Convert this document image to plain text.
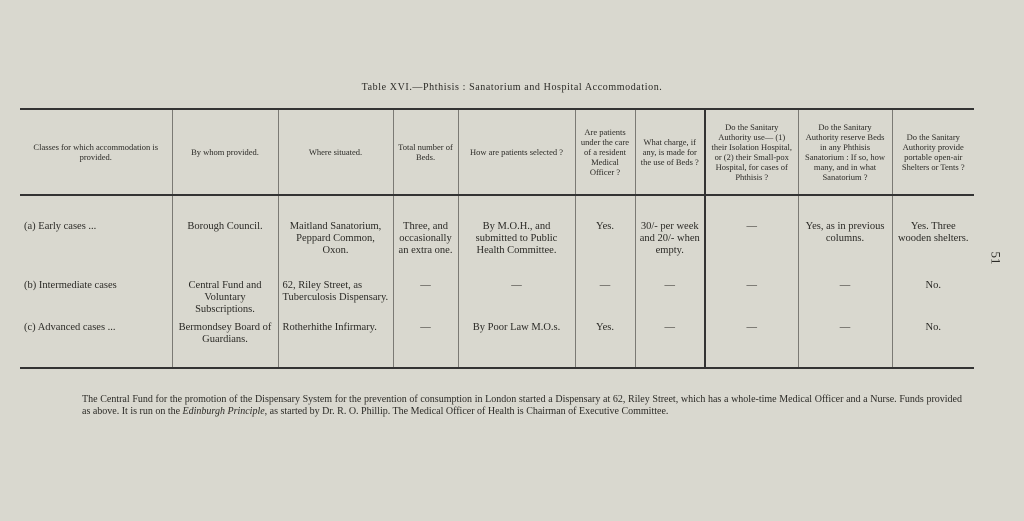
51
Table XVI.—Phthisis : Sanatorium and Hospital Accommodation.
Classes for which accommodation is provided.	By whom provided.	Where situated.	Total number of Beds.	How are patients selected ?	Are patients under the care of a resident Medical Officer ?	What charge, if any, is made for the use of Beds ?	Do the Sanitary Authority use— (1) their Isolation Hospital, or (2) their Small-pox Hospital, for cases of Phthisis ?	Do the Sanitary Authority reserve Beds in any Phthisis Sanatorium : If so, how many, and in what Sanatorium ?	Do the Sanitary Authority provide portable open-air Shelters or Tents ?
(a) Early cases ...	Borough Council.	Maitland Sanatorium, Peppard Common, Oxon.	Three, and occasionally an extra one.	By M.O.H., and submitted to Public Health Committee.	Yes.	30/- per week and 20/- when empty.	—	Yes, as in previous columns.	Yes. Three wooden shelters.
(b) Intermediate cases	Central Fund and Voluntary Subscriptions.	62, Riley Street, as Tuberculosis Dispensary.	—	—	—	—	—	—	No.
(c) Advanced cases ...	Bermondsey Board of Guardians.	Rotherhithe Infirmary.	—	By Poor Law M.O.s.	Yes.	—	—	—	No.
The Central Fund for the promotion of the Dispensary System for the prevention of consumption in London started a Dispensary at 62, Riley Street, which has a whole-time Medical Officer and a Nurse. Funds provided as above. It is run on the Edinburgh Principle, as started by Dr. R. O. Phillip. The Medical Officer of Health is Chairman of Executive Committee.
